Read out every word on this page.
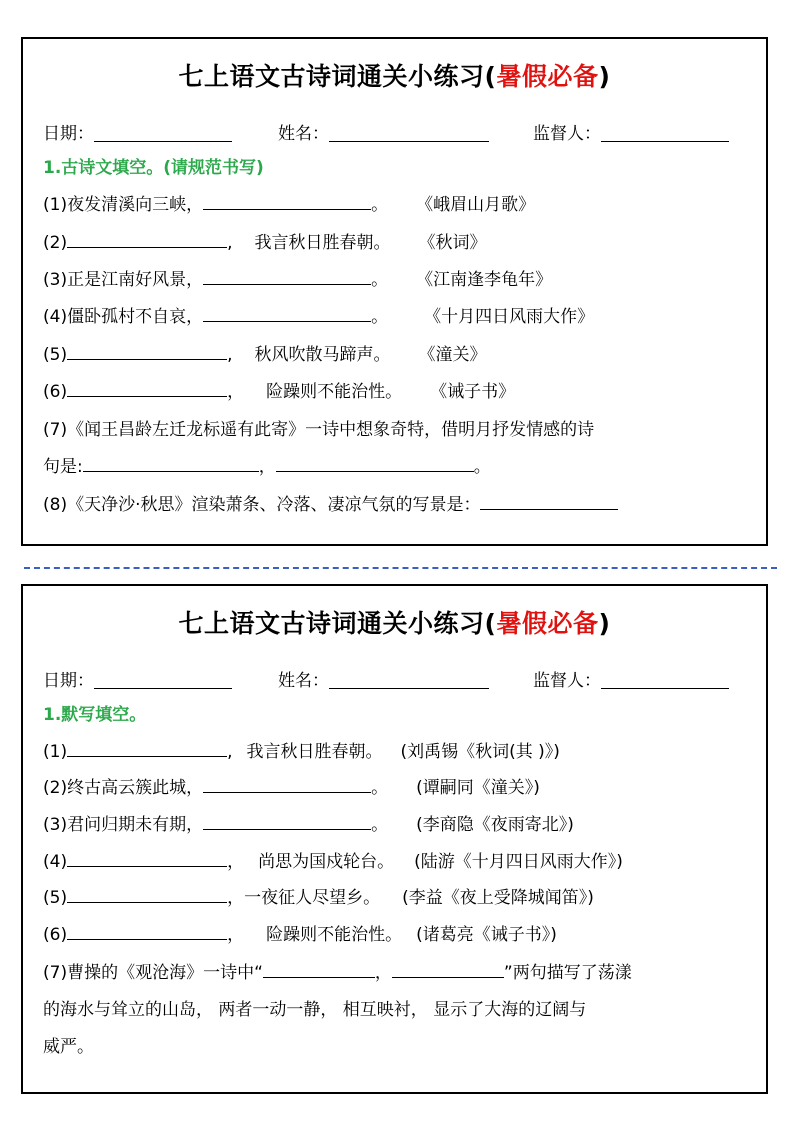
七上语文古诗词通关小练习(暑假必备)
日期：	姓名：	监督人：
1.古诗文填空。(请规范书写)
(1)夜发清溪向三峡，	。 《峨眉山月歌》
(2)	, 我言秋日胜春朝。 《秋词》
(3)正是江南好风景，	。 《江南逢李龟年》
(4)僵卧孤村不自哀，	。 《十月四日风雨大作》
(5)	, 秋风吹散马蹄声。 《潼关》
(6)	， 险躁则不能治性。 《诫子书》
(7)《闻王昌龄左迁龙标遥有此寄》一诗中想象奇特，借明月抒发情感的诗
句是:	，	。
(8)《天净沙·秋思》渲染萧条、冷落、凄凉气氛的写景是：
七上语文古诗词通关小练习(暑假必备)
日期：	姓名：	监督人：
1.默写填空。
(1)	, 我言秋日胜春朝。 (刘禹锡《秋词(其 )》)
(2)终古高云簇此城，	。 (谭嗣同《潼关》)
(3)君问归期未有期，	。 (李商隐《夜雨寄北》)
(4)	， 尚思为国戍轮台。 (陆游《十月四日风雨大作》)
(5)	，一夜征人尽望乡。 (李益《夜上受降城闻笛》)
(6)	， 险躁则不能治性。 (诸葛亮《诫子书》)
(7)曹操的《观沧海》一诗中“	，	”两句描写了荡漾
的海水与耸立的山岛， 两者一动一静， 相互映衬， 显示了大海的辽阔与
威严。
